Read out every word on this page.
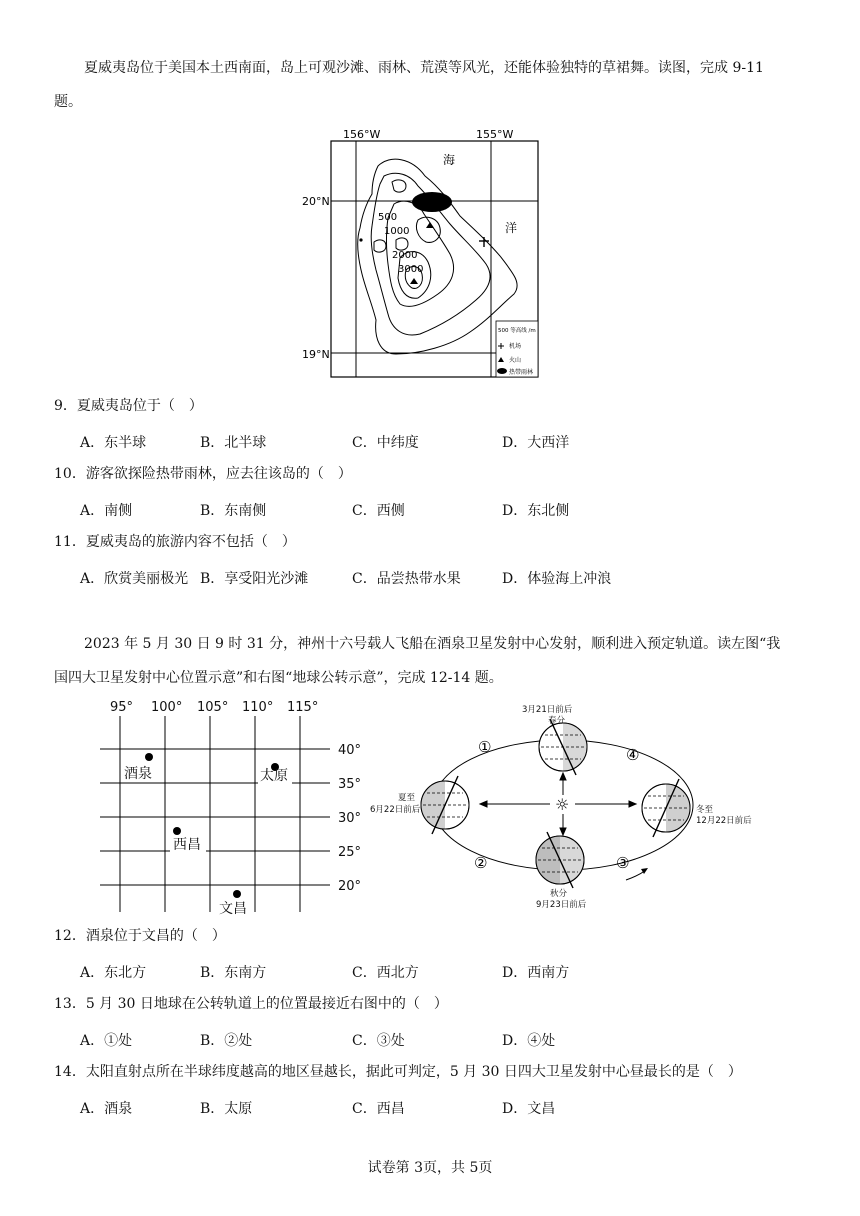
夏威夷岛位于美国本土西南面，岛上可观沙滩、雨林、荒漠等风光，还能体验独特的草裙舞。读图，完成 9-11
题。
156°W	155°W
20°N
19°N
海
洋
500
1000
2000
3000
500 等高线 /m
机场
火山
热带雨林
9．夏威夷岛位于（　）
A．东半球	B．北半球	C．中纬度	D．大西洋
10．游客欲探险热带雨林，应去往该岛的（　）
A．南侧	B．东南侧	C．西侧	D．东北侧
11．夏威夷岛的旅游内容不包括（　）
A．欣赏美丽极光 B．享受阳光沙滩	C．品尝热带水果	D．体验海上冲浪
2023 年 5 月 30 日 9 时 31 分，神州十六号载人飞船在酒泉卫星发射中心发射，顺利进入预定轨道。读左图“我
国四大卫星发射中心位置示意”和右图“地球公转示意”，完成 12-14 题。
95° 100° 105° 110° 115°
40°
35°
30°
25°
20°
酒泉	太原
西昌
文昌
☼
①
②	③
④
3月21日前后
春分
夏至
6月22日前后	冬至
12月22日前后
秋分
9月23日前后
12．酒泉位于文昌的（　）
A．东北方	B．东南方	C．西北方	D．西南方
13．5 月 30 日地球在公转轨道上的位置最接近右图中的（　）
A．①处	B．②处	C．③处	D．④处
14．太阳直射点所在半球纬度越高的地区昼越长，据此可判定，5 月 30 日四大卫星发射中心昼最长的是（　）
A．酒泉	B．太原	C．西昌	D．文昌
试卷第 3页，共 5页
